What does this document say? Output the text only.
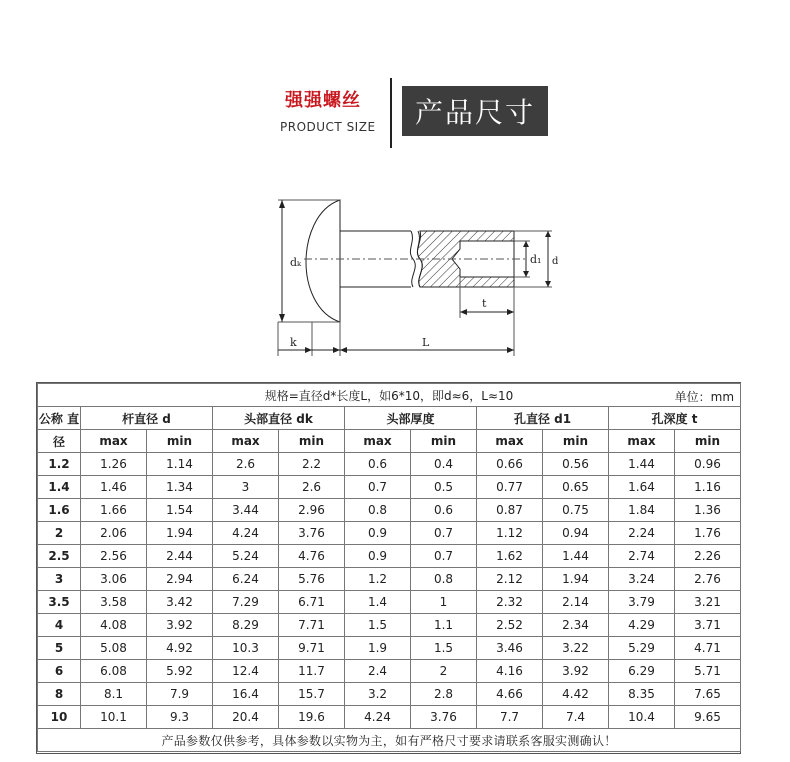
强强螺丝
PRODUCT SIZE	产品尺寸
dₖ	d₁ d
t
k	L
规格=直径d*长度L，如6*10，即d≈6，L≈10 单位：mm										

公称 直	杆直径 d		头部直径 dk		头部厚度		孔直径 d1		孔深度 t	
径	max	min	max	min	max	min	max	min	max	min
1.2	1.26	1.14	2.6	2.2	0.6	0.4	0.66	0.56	1.44	0.96
1.4	1.46	1.34	3	2.6	0.7	0.5	0.77	0.65	1.64	1.16
1.6	1.66	1.54	3.44	2.96	0.8	0.6	0.87	0.75	1.84	1.36
2	2.06	1.94	4.24	3.76	0.9	0.7	1.12	0.94	2.24	1.76
2.5	2.56	2.44	5.24	4.76	0.9	0.7	1.62	1.44	2.74	2.26
3	3.06	2.94	6.24	5.76	1.2	0.8	2.12	1.94	3.24	2.76
3.5	3.58	3.42	7.29	6.71	1.4	1	2.32	2.14	3.79	3.21
4	4.08	3.92	8.29	7.71	1.5	1.1	2.52	2.34	4.29	3.71
5	5.08	4.92	10.3	9.71	1.9	1.5	3.46	3.22	5.29	4.71
6	6.08	5.92	12.4	11.7	2.4	2	4.16	3.92	6.29	5.71
8	8.1	7.9	16.4	15.7	3.2	2.8	4.66	4.42	8.35	7.65
10	10.1	9.3	20.4	19.6	4.24	3.76	7.7	7.4	10.4	9.65
产品参数仅供参考，具体参数以实物为主，如有严格尺寸要求请联系客服实测确认！										
